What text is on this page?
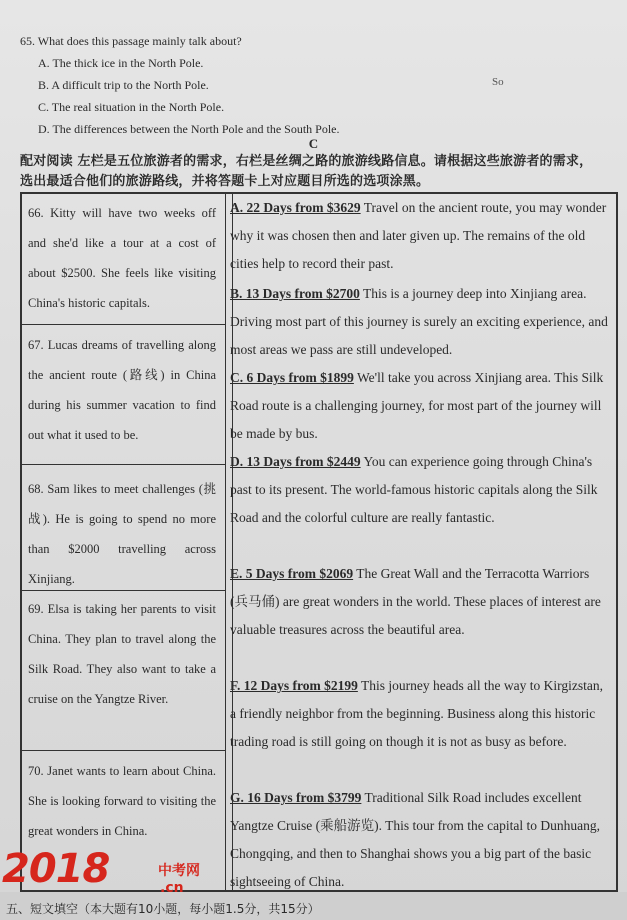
65. What does this passage mainly talk about?
A. The thick ice in the North Pole.
B. A difficult trip to the North Pole.
C. The real situation in the North Pole.
D. The differences between the North Pole and the South Pole.
So
C
配对阅读 左栏是五位旅游者的需求，右栏是丝绸之路的旅游线路信息。请根据这些旅游者的需求，选出最适合他们的旅游路线，并将答题卡上对应题目所选的选项涂黑。
66. Kitty will have two weeks off and she'd like a tour at a cost of about $2500. She feels like visiting China's historic capitals.
67. Lucas dreams of travelling along the ancient route (路线) in China during his summer vacation to find out what it used to be.
68. Sam likes to meet challenges (挑战). He is going to spend no more than $2000 travelling across Xinjiang.
69. Elsa is taking her parents to visit China. They plan to travel along the Silk Road. They also want to take a cruise on the Yangtze River.
70. Janet wants to learn about China. She is looking forward to visiting the great wonders in China.
A. 22 Days from $3629 Travel on the ancient route, you may wonder why it was chosen then and later given up. The remains of the old cities help to record their past.
B. 13 Days from $2700 This is a journey deep into Xinjiang area. Driving most part of this journey is surely an exciting experience, and most areas we pass are still undeveloped.
C. 6 Days from $1899 We'll take you across Xinjiang area. This Silk Road route is a challenging journey, for most part of the journey will be made by bus.
D. 13 Days from $2449 You can experience going through China's past to its present. The world-famous historic capitals along the Silk Road and the colorful culture are really fantastic.
E. 5 Days from $2069 The Great Wall and the Terracotta Warriors (兵马俑) are great wonders in the world. These places of interest are valuable treasures across the beautiful area.
F. 12 Days from $2199 This journey heads all the way to Kirgizstan, a friendly neighbor from the beginning. Business along this historic trading road is still going on though it is not as busy as before.
G. 16 Days from $3799 Traditional Silk Road includes excellent Yangtze Cruise (乘船游览). This tour from the capital to Dunhuang, Chongqing, and then to Shanghai shows you a big part of the basic sightseeing of China.
五、短文填空（本大题有10小题，每小题1.5分，共15分）
2018	中考网
.cn
